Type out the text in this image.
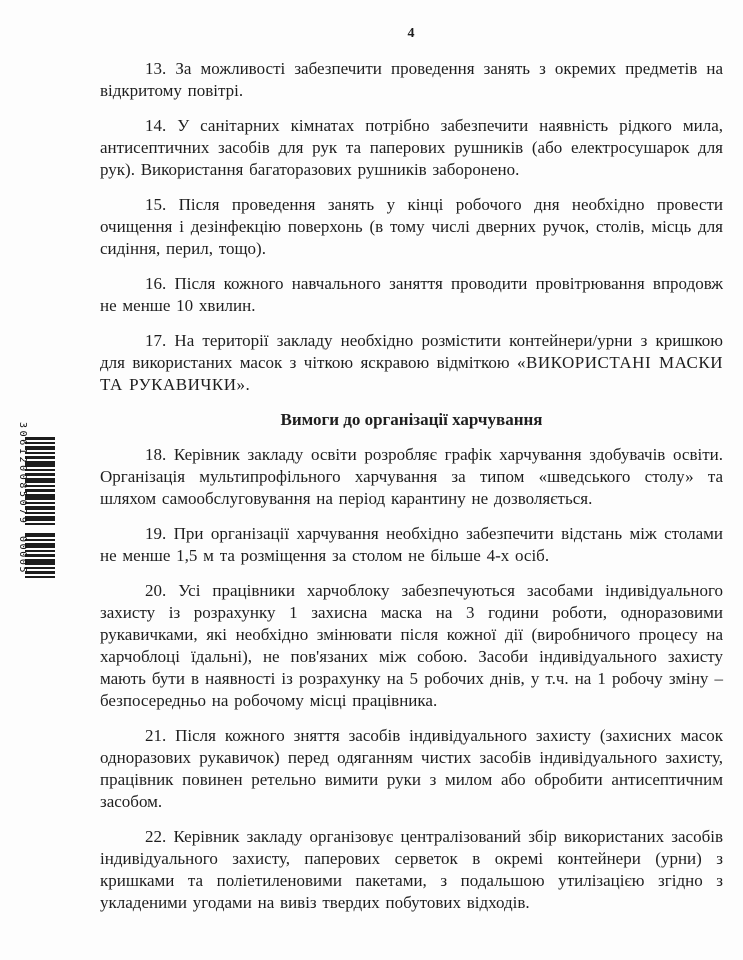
4
306120085079
00005

13. За можливості забезпечити проведення занять з окремих предметів на відкритому повітрі.

14. У санітарних кімнатах потрібно забезпечити наявність рідкого мила, антисептичних засобів для рук та паперових рушників (або електросушарок для рук). Використання багаторазових рушників заборонено.

15. Після проведення занять у кінці робочого дня необхідно провести очищення і дезінфекцію поверхонь (в тому числі дверних ручок, столів, місць для сидіння, перил, тощо).

16. Після кожного навчального заняття проводити провітрювання впродовж не менше 10 хвилин.

17. На території закладу необхідно розмістити контейнери/урни з кришкою для використаних масок з чіткою яскравою відміткою «ВИКОРИСТАНІ МАСКИ ТА РУКАВИЧКИ».

Вимоги до організації харчування

18. Керівник закладу освіти розробляє графік харчування здобувачів освіти. Організація мультипрофільного харчування за типом «шведського столу» та шляхом самообслуговування на період карантину не дозволяється.

19. При організації харчування необхідно забезпечити відстань між столами не менше 1,5 м та розміщення за столом не більше 4-х осіб.

20. Усі працівники харчоблоку забезпечуються засобами індивідуального захисту із розрахунку 1 захисна маска на 3 години роботи, одноразовими рукавичками, які необхідно змінювати після кожної дії (виробничого процесу на харчоблоці їдальні), не пов'язаних між собою. Засоби індивідуального захисту мають бути в наявності із розрахунку на 5 робочих днів, у т.ч. на 1 робочу зміну – безпосередньо на робочому місці працівника.

21. Після кожного зняття засобів індивідуального захисту (захисних масок одноразових рукавичок) перед одяганням чистих засобів індивідуального захисту, працівник повинен ретельно вимити руки з милом або обробити антисептичним засобом.

22. Керівник закладу організовує централізований збір використаних засобів індивідуального захисту, паперових серветок в окремі контейнери (урни) з кришками та поліетиленовими пакетами, з подальшою утилізацією згідно з укладеними угодами на вивіз твердих побутових відходів.
